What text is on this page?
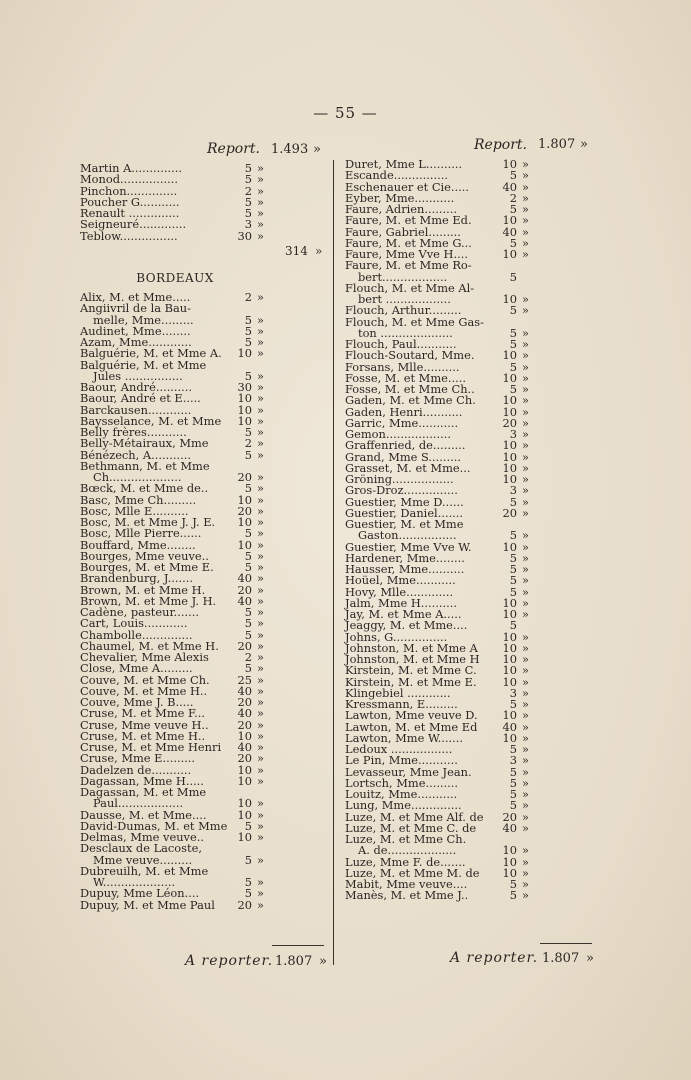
— 55 —
Report. 1.493 »	Report. 1.807 »
Martin A..............	5 »
Monod................	5 »
Pinchon..............	2 »
Poucher G...........	5 »
Renault ..............	5 »
Seigneuré.............	3 »
Teblow................	30 »
314 »
BORDEAUX
Alix, M. et Mme.....	2 »
Angiivril de la Bau-
melle, Mme.........	5 »
Audinet, Mme........	5 »
Azam, Mme............	5 »
Balguérie, M. et Mme A.	10 »
Balguérie, M. et Mme
Jules ................	5 »
Baour, André..........	30 »
Baour, André et E.....	10 »
Barckausen............	10 »
Baysselance, M. et Mme	10 »
Belly frères...........	5 »
Belly-Métairaux, Mme	2 »
Bénézech, A...........	5 »
Bethmann, M. et Mme
Ch....................	20 »
Bœck, M. et Mme de..	5 »
Basc, Mme Ch.........	10 »
Bosc, Mlle E..........	20 »
Bosc, M. et Mme J. J. E.	10 »
Bosc, Mlle Pierre......	5 »
Bouffard, Mme........	10 »
Bourges, Mme veuve..	5 »
Bourges, M. et Mme E.	5 »
Brandenburg, J.......	40 »
Brown, M. et Mme H.	20 »
Brown, M. et Mme J. H.	40 »
Cadène, pasteur.......	5 »
Cart, Louis............	5 »
Chambolle..............	5 »
Chaumel, M. et Mme H.	20 »
Chevalier, Mme Alexis	2 »
Close, Mme A.........	5 »
Couve, M. et Mme Ch.	25 »
Couve, M. et Mme H..	40 »
Couve, Mme J. B.....	20 »
Cruse, M. et Mme F...	40 »
Cruse, Mme veuve H..	20 »
Cruse, M. et Mme H..	10 »
Cruse, M. et Mme Henri	40 »
Cruse, Mme E.........	20 »
Dadelzen de...........	10 »
Dagassan, Mme H.....	10 »
Dagassan, M. et Mme
Paul..................	10 »
Dausse, M. et Mme....	10 »
David-Dumas, M. et Mme	5 »
Delmas, Mme veuve..	10 »
Desclaux de Lacoste,
Mme veuve.........	5 »
Dubreuilh, M. et Mme
W....................	5 »
Dupuy, Mme Léon....	5 »
Dupuy, M. et Mme Paul	20 »
Duret, Mme L..........	10 »
Escande...............	5 »
Eschenauer et Cie.....	40 »
Eyber, Mme...........	2 »
Faure, Adrien.........	5 »
Faure, M. et Mme Ed.	10 »
Faure, Gabriel.........	40 »
Faure, M. et Mme G...	5 »
Faure, Mme Vve H....	10 »
Faure, M. et Mme Ro-
bert..................	5
Flouch, M. et Mme Al-
bert ..................	10 »
Flouch, Arthur.........	5 »
Flouch, M. et Mme Gas-
ton ....................	5 »
Flouch, Paul...........	5 »
Flouch-Soutard, Mme.	10 »
Forsans, Mlle..........	5 »
Fosse, M. et Mme.....	10 »
Fosse, M. et Mme Ch..	5 »
Gaden, M. et Mme Ch.	10 »
Gaden, Henri...........	10 »
Garric, Mme...........	20 »
Gemon..................	3 »
Graffenried, de.........	10 »
Grand, Mme S.........	10 »
Grasset, M. et Mme...	10 »
Gröning.................	10 »
Gros-Droz...............	3 »
Guestier, Mme D......	5 »
Guestier, Daniel.......	20 »
Guestier, M. et Mme
Gaston................	5 »
Guestier, Mme Vve W.	10 »
Hardener, Mme........	5 »
Hausser, Mme..........	5 »
Hoüel, Mme...........	5 »
Hovy, Mlle.............	5 »
Jalm, Mme H..........	10 »
Jay, M. et Mme A.....	10 »
Jeaggy, M. et Mme....	5
Johns, G...............	10 »
Johnston, M. et Mme A	10 »
Johnston, M. et Mme H	10 »
Kirstein, M. et Mme C.	10 »
Kirstein, M. et Mme E.	10 »
Klingebiel ............	3 »
Kressmann, E.........	5 »
Lawton, Mme veuve D.	10 »
Lawton, M. et Mme Ed	40 »
Lawton, Mme W.......	10 »
Ledoux .................	5 »
Le Pin, Mme...........	3 »
Levasseur, Mme Jean.	5 »
Lortsch, Mme.........	5 »
Louitz, Mme...........	5 »
Lung, Mme..............	5 »
Luze, M. et Mme Alf. de	20 »
Luze, M. et Mme C. de	40 »
Luze, M. et Mme Ch.
A. de...................	10 »
Luze, Mme F. de.......	10 »
Luze, M. et Mme M. de	10 »
Mabit, Mme veuve....	5 »
Manès, M. et Mme J..	5 »
A reporter. 1.807 »	A reporter. 1.807 »
